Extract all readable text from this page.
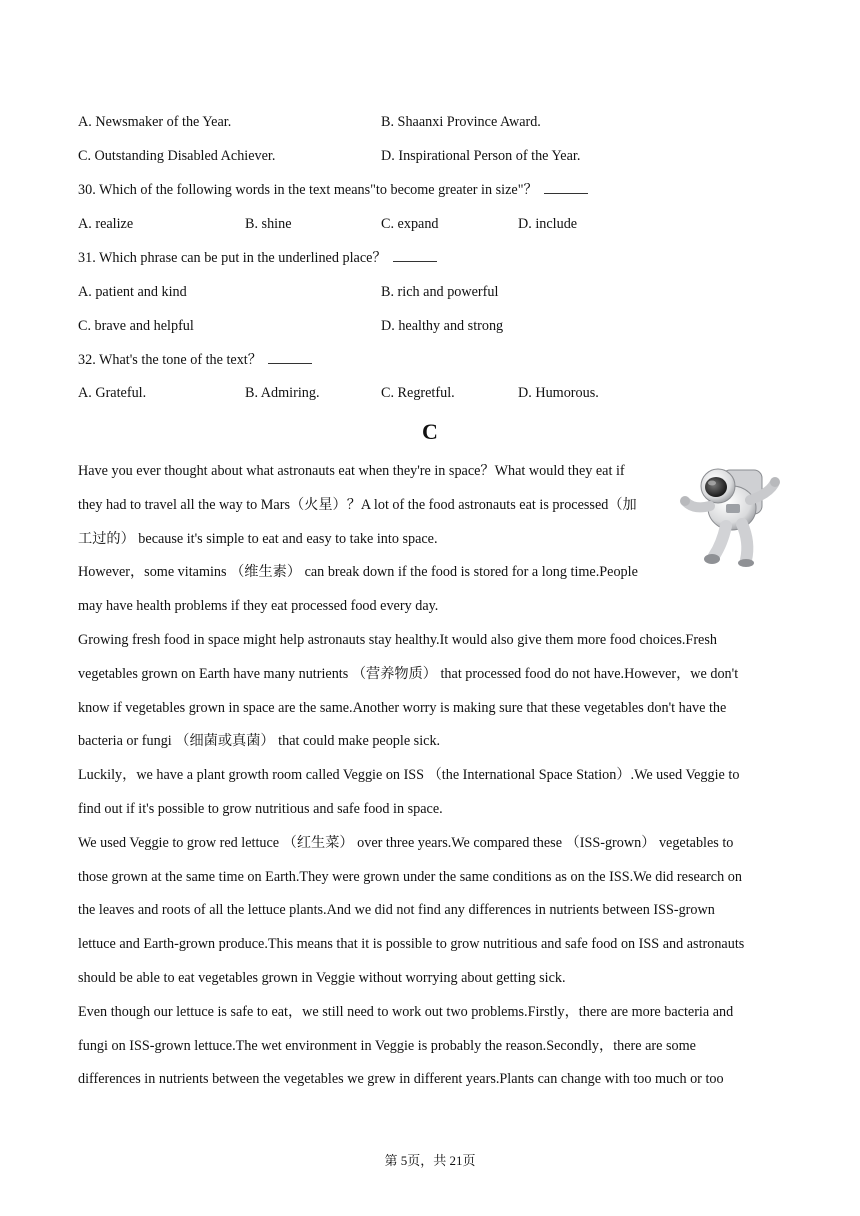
A. Newsmaker of the Year.	B. Shaanxi Province Award.
C. Outstanding Disabled Achiever.	D. Inspirational Person of the Year.
30. Which of the following words in the text means"to become greater in size"？
A. realize	B. shine	C. expand	D. include
31. Which phrase can be put in the underlined place？
A. patient and kind	B. rich and powerful
C. brave and helpful	D. healthy and strong
32. What's the tone of the text？
A. Grateful.	B. Admiring.	C. Regretful.	D. Humorous.
C
Have you ever thought about what astronauts eat when they're in space？What would they eat if
they had to travel all the way to Mars（火星）？A lot of the food astronauts eat is processed（加
工过的） because it's simple to eat and easy to take into space.
However，some vitamins （维生素） can break down if the food is stored for a long time.People
may have health problems if they eat processed food every day.
Growing fresh food in space might help astronauts stay healthy.It would also give them more food choices.Fresh
vegetables grown on Earth have many nutrients （营养物质） that processed food do not have.However，we don't
know if vegetables grown in space are the same.Another worry is making sure that these vegetables don't have the
bacteria or fungi （细菌或真菌） that could make people sick.
Luckily，we have a plant growth room called Veggie on ISS （the International Space Station）.We used Veggie to
find out if it's possible to grow nutritious and safe food in space.
We used Veggie to grow red lettuce （红生菜） over three years.We compared these （ISS-grown） vegetables to
those grown at the same time on Earth.They were grown under the same conditions as on the ISS.We did research on
the leaves and roots of all the lettuce plants.And we did not find any differences in nutrients between ISS-grown
lettuce and Earth-grown produce.This means that it is possible to grow nutritious and safe food on ISS and astronauts
should be able to eat vegetables grown in Veggie without worrying about getting sick.
Even though our lettuce is safe to eat，we still need to work out two problems.Firstly，there are more bacteria and
fungi on ISS-grown lettuce.The wet environment in Veggie is probably the reason.Secondly，there are some
differences in nutrients between the vegetables we grew in different years.Plants can change with too much or too
第 5页，共 21页
